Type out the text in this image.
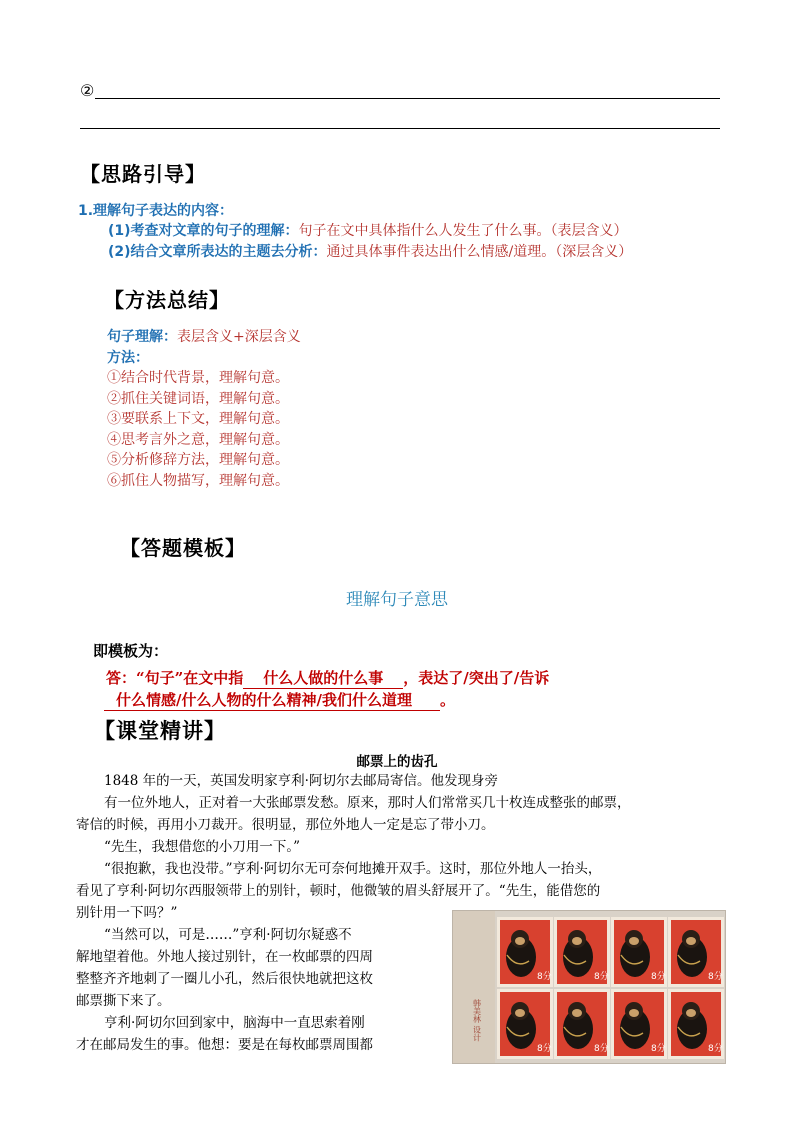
②
【思路引导】
1.理解句子表达的内容：
(1)考查对文章的句子的理解：句子在文中具体指什么人发生了什么事。（表层含义）
(2)结合文章所表达的主题去分析：通过具体事件表达出什么情感/道理。（深层含义）
【方法总结】
句子理解：表层含义+深层含义
方法：
①结合时代背景，理解句意。
②抓住关键词语，理解句意。
③要联系上下文，理解句意。
④思考言外之意，理解句意。
⑤分析修辞方法，理解句意。
⑥抓住人物描写，理解句意。
【答题模板】
理解句子意思
即模板为：
答：“句子”在文中指 什么人做的什么事 ，表达了/突出了/告诉
什么情感/什么人物的什么精神/我们什么道理 。
【课堂精讲】
邮票上的齿孔

1848 年的一天，英国发明家亨利·阿切尔去邮局寄信。他发现身旁

有一位外地人，正对着一大张邮票发愁。原来，那时人们常常买几十枚连成整张的邮票，

寄信的时候，再用小刀裁开。很明显，那位外地人一定是忘了带小刀。

“先生，我想借您的小刀用一下。”

“很抱歉，我也没带。”亨利·阿切尔无可奈何地摊开双手。这时，那位外地人一抬头，

看见了亨利·阿切尔西服领带上的别针，顿时，他微皱的眉头舒展开了。“先生，能借您的

别针用一下吗？”

“当然可以，可是……”亨利·阿切尔疑惑不

解地望着他。外地人接过别针，在一枚邮票的四周

整整齐齐地刺了一圈儿小孔，然后很快地就把这枚

邮票撕下来了。

亨利·阿切尔回到家中，脑海中一直思索着刚

才在邮局发生的事。他想：要是在每枚邮票周围都

韩美林 设计
8分	8分	8分	8分
8分	8分	8分	8分
